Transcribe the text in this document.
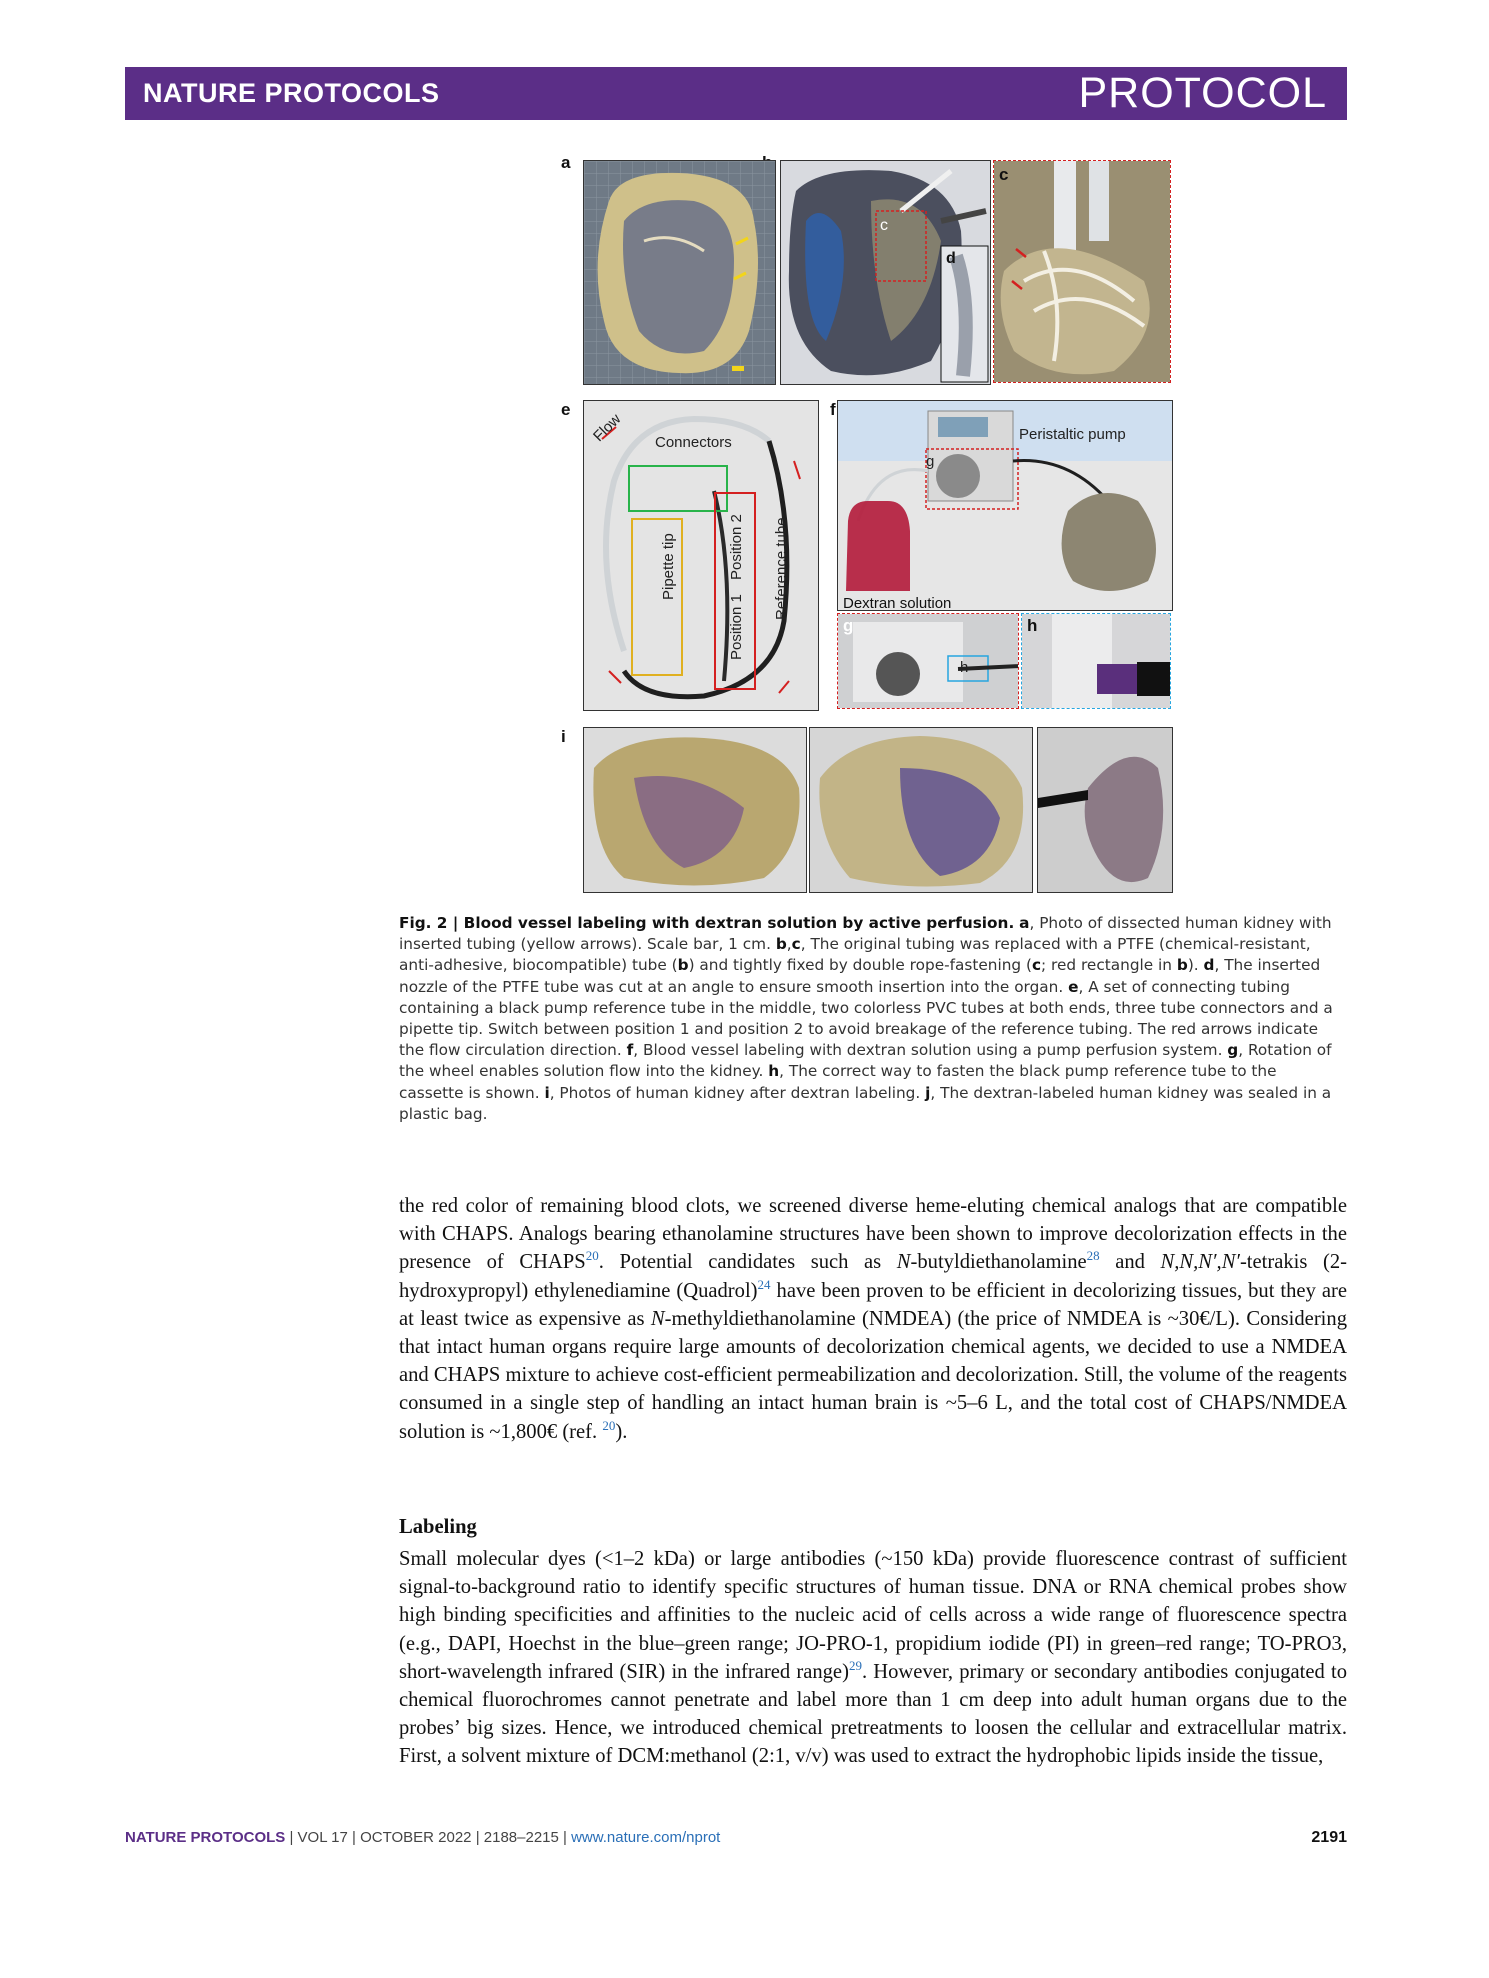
NATURE PROTOCOLS	PROTOCOL
a
e	f
i
c
d
c
Flow Connectors
Pipette tip
Position 1
Position 2 Reference tube
Peristaltic pump
g
Dextran solution
g
h
h
Fig. 2 | Blood vessel labeling with dextran solution by active perfusion. a, Photo of dissected human kidney with inserted tubing (yellow arrows). Scale bar, 1 cm. b,c, The original tubing was replaced with a PTFE (chemical-resistant, anti-adhesive, biocompatible) tube (b) and tightly fixed by double rope-fastening (c; red rectangle in b). d, The inserted nozzle of the PTFE tube was cut at an angle to ensure smooth insertion into the organ. e, A set of connecting tubing containing a black pump reference tube in the middle, two colorless PVC tubes at both ends, three tube connectors and a pipette tip. Switch between position 1 and position 2 to avoid breakage of the reference tubing. The red arrows indicate the flow circulation direction. f, Blood vessel labeling with dextran solution using a pump perfusion system. g, Rotation of the wheel enables solution flow into the kidney. h, The correct way to fasten the black pump reference tube to the cassette is shown. i, Photos of human kidney after dextran labeling. j, The dextran-labeled human kidney was sealed in a plastic bag.

the red color of remaining blood clots, we screened diverse heme-eluting chemical analogs that are compatible with CHAPS. Analogs bearing ethanolamine structures have been shown to improve decolorization effects in the presence of CHAPS$^{20}$. Potential candidates such as N-butyldiethanolamine$^{28}$ and N,N,N′,N′-tetrakis (2-hydroxypropyl) ethylenediamine (Quadrol)$^{24}$ have been proven to be efficient in decolorizing tissues, but they are at least twice as expensive as N-methyldiethanolamine (NMDEA) (the price of NMDEA is ~30€/L). Considering that intact human organs require large amounts of decolorization chemical agents, we decided to use a NMDEA and CHAPS mixture to achieve cost-efficient permeabilization and decolorization. Still, the volume of the reagents consumed in a single step of handling an intact human brain is ~5–6 L, and the total cost of CHAPS/NMDEA solution is ~1,800€ (ref. $^{20}$).

Labeling

Small molecular dyes (<1–2 kDa) or large antibodies (~150 kDa) provide fluorescence contrast of sufficient signal-to-background ratio to identify specific structures of human tissue. DNA or RNA chemical probes show high binding specificities and affinities to the nucleic acid of cells across a wide range of fluorescence spectra (e.g., DAPI, Hoechst in the blue–green range; JO-PRO-1, propidium iodide (PI) in green–red range; TO-PRO3, short-wavelength infrared (SIR) in the infrared range)$^{29}$. However, primary or secondary antibodies conjugated to chemical fluorochromes cannot penetrate and label more than 1 cm deep into adult human organs due to the probes’ big sizes. Hence, we introduced chemical pretreatments to loosen the cellular and extracellular matrix. First, a solvent mixture of DCM:methanol (2:1, v/v) was used to extract the hydrophobic lipids inside the tissue,

NATURE PROTOCOLS | VOL 17 | OCTOBER 2022 | 2188–2215 | www.nature.com/nprot	2191
